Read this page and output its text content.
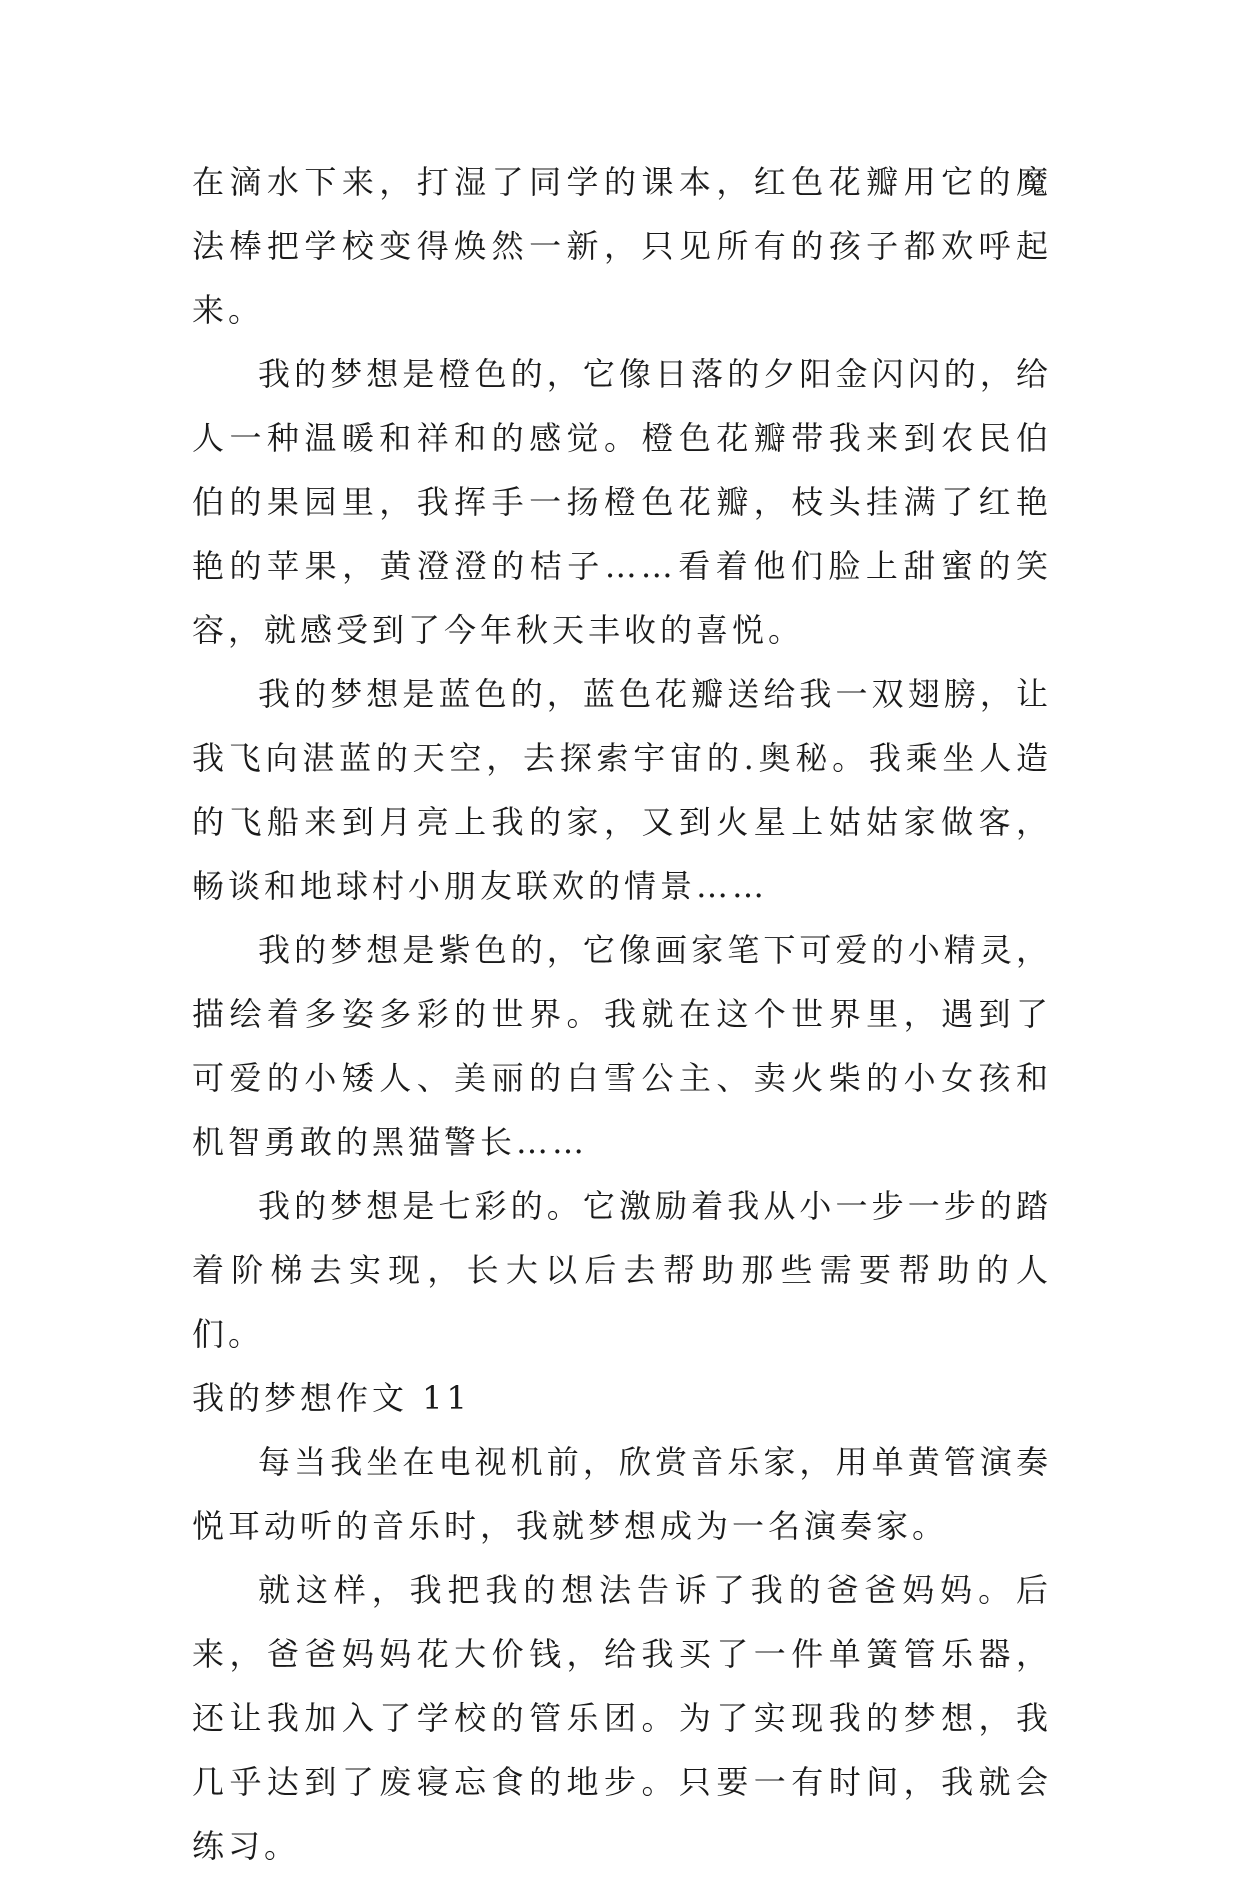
在滴水下来，打湿了同学的课本，红色花瓣用它的魔法棒把学校变得焕然一新，只见所有的孩子都欢呼起来。

我的梦想是橙色的，它像日落的夕阳金闪闪的，给人一种温暖和祥和的感觉。橙色花瓣带我来到农民伯伯的果园里，我挥手一扬橙色花瓣，枝头挂满了红艳艳的苹果，黄澄澄的桔子……看着他们脸上甜蜜的笑容，就感受到了今年秋天丰收的喜悦。

我的梦想是蓝色的，蓝色花瓣送给我一双翅膀，让我飞向湛蓝的天空，去探索宇宙的.奥秘。我乘坐人造的飞船来到月亮上我的家，又到火星上姑姑家做客，畅谈和地球村小朋友联欢的情景……

我的梦想是紫色的，它像画家笔下可爱的小精灵，描绘着多姿多彩的世界。我就在这个世界里，遇到了可爱的小矮人、美丽的白雪公主、卖火柴的小女孩和机智勇敢的黑猫警长……

我的梦想是七彩的。它激励着我从小一步一步的踏着阶梯去实现，长大以后去帮助那些需要帮助的人们。

我的梦想作文 11

每当我坐在电视机前，欣赏音乐家，用单黄管演奏悦耳动听的音乐时，我就梦想成为一名演奏家。

就这样，我把我的想法告诉了我的爸爸妈妈。后来，爸爸妈妈花大价钱，给我买了一件单簧管乐器，还让我加入了学校的管乐团。为了实现我的梦想，我几乎达到了废寝忘食的地步。只要一有时间，我就会练习。
